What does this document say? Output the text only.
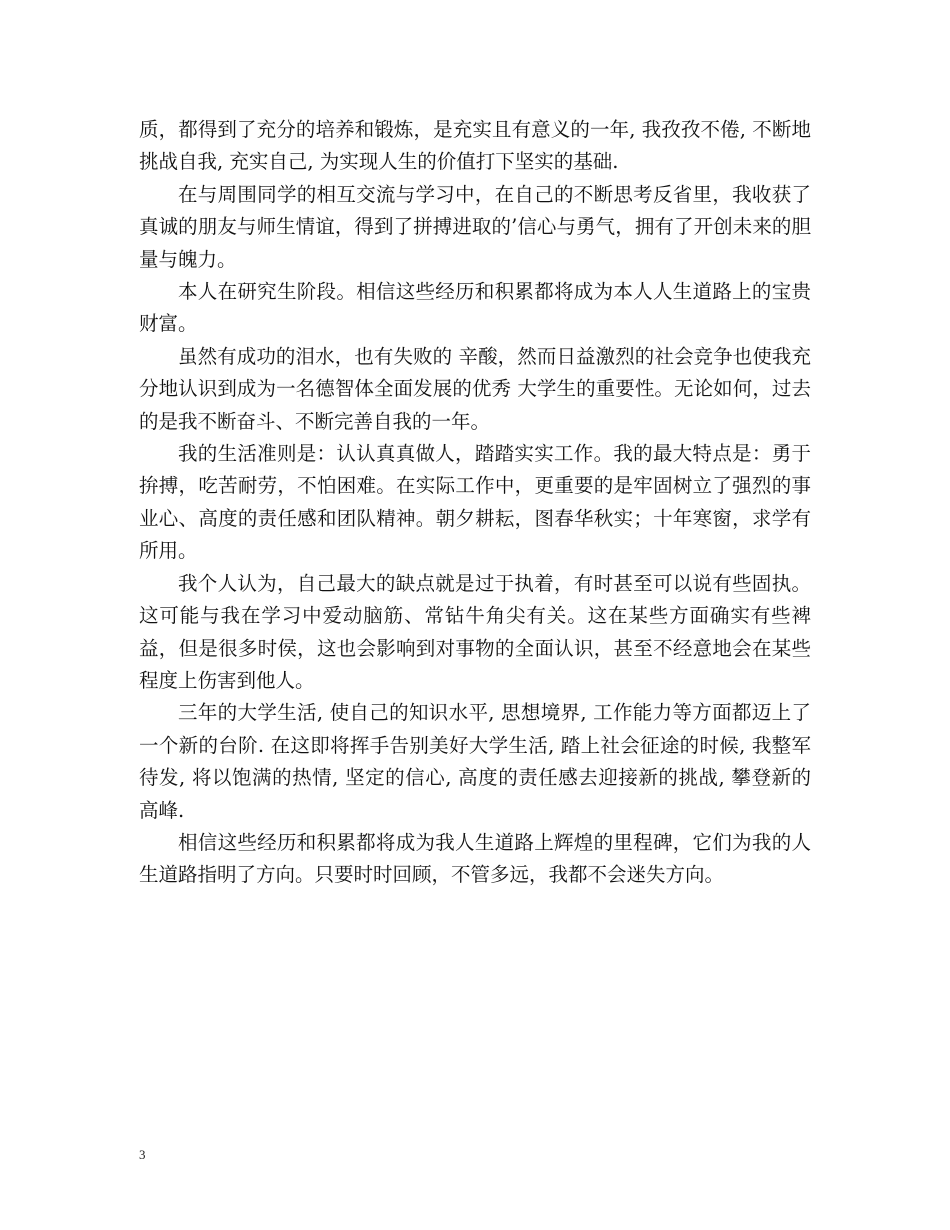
质，都得到了充分的培养和锻炼，是充实且有意义的一年, 我孜孜不倦, 不断地挑战自我, 充实自己, 为实现人生的价值打下坚实的基础.

在与周围同学的相互交流与学习中，在自己的不断思考反省里，我收获了真诚的朋友与师生情谊，得到了拼搏进取的’信心与勇气，拥有了开创未来的胆量与魄力。

本人在研究生阶段。相信这些经历和积累都将成为本人人生道路上的宝贵财富。

虽然有成功的泪水，也有失败的 辛酸，然而日益激烈的社会竞争也使我充分地认识到成为一名德智体全面发展的优秀 大学生的重要性。无论如何，过去的是我不断奋斗、不断完善自我的一年。

我的生活准则是：认认真真做人，踏踏实实工作。我的最大特点是：勇于拚搏，吃苦耐劳，不怕困难。在实际工作中，更重要的是牢固树立了强烈的事业心、高度的责任感和团队精神。朝夕耕耘，图春华秋实；十年寒窗，求学有所用。

我个人认为，自己最大的缺点就是过于执着，有时甚至可以说有些固执。这可能与我在学习中爱动脑筋、常钻牛角尖有关。这在某些方面确实有些裨益，但是很多时侯，这也会影响到对事物的全面认识，甚至不经意地会在某些程度上伤害到他人。

三年的大学生活, 使自己的知识水平, 思想境界, 工作能力等方面都迈上了一个新的台阶. 在这即将挥手告别美好大学生活, 踏上社会征途的时候, 我整军待发, 将以饱满的热情, 坚定的信心, 高度的责任感去迎接新的挑战, 攀登新的高峰.

相信这些经历和积累都将成为我人生道路上辉煌的里程碑，它们为我的人生道路指明了方向。只要时时回顾，不管多远，我都不会迷失方向。

3
